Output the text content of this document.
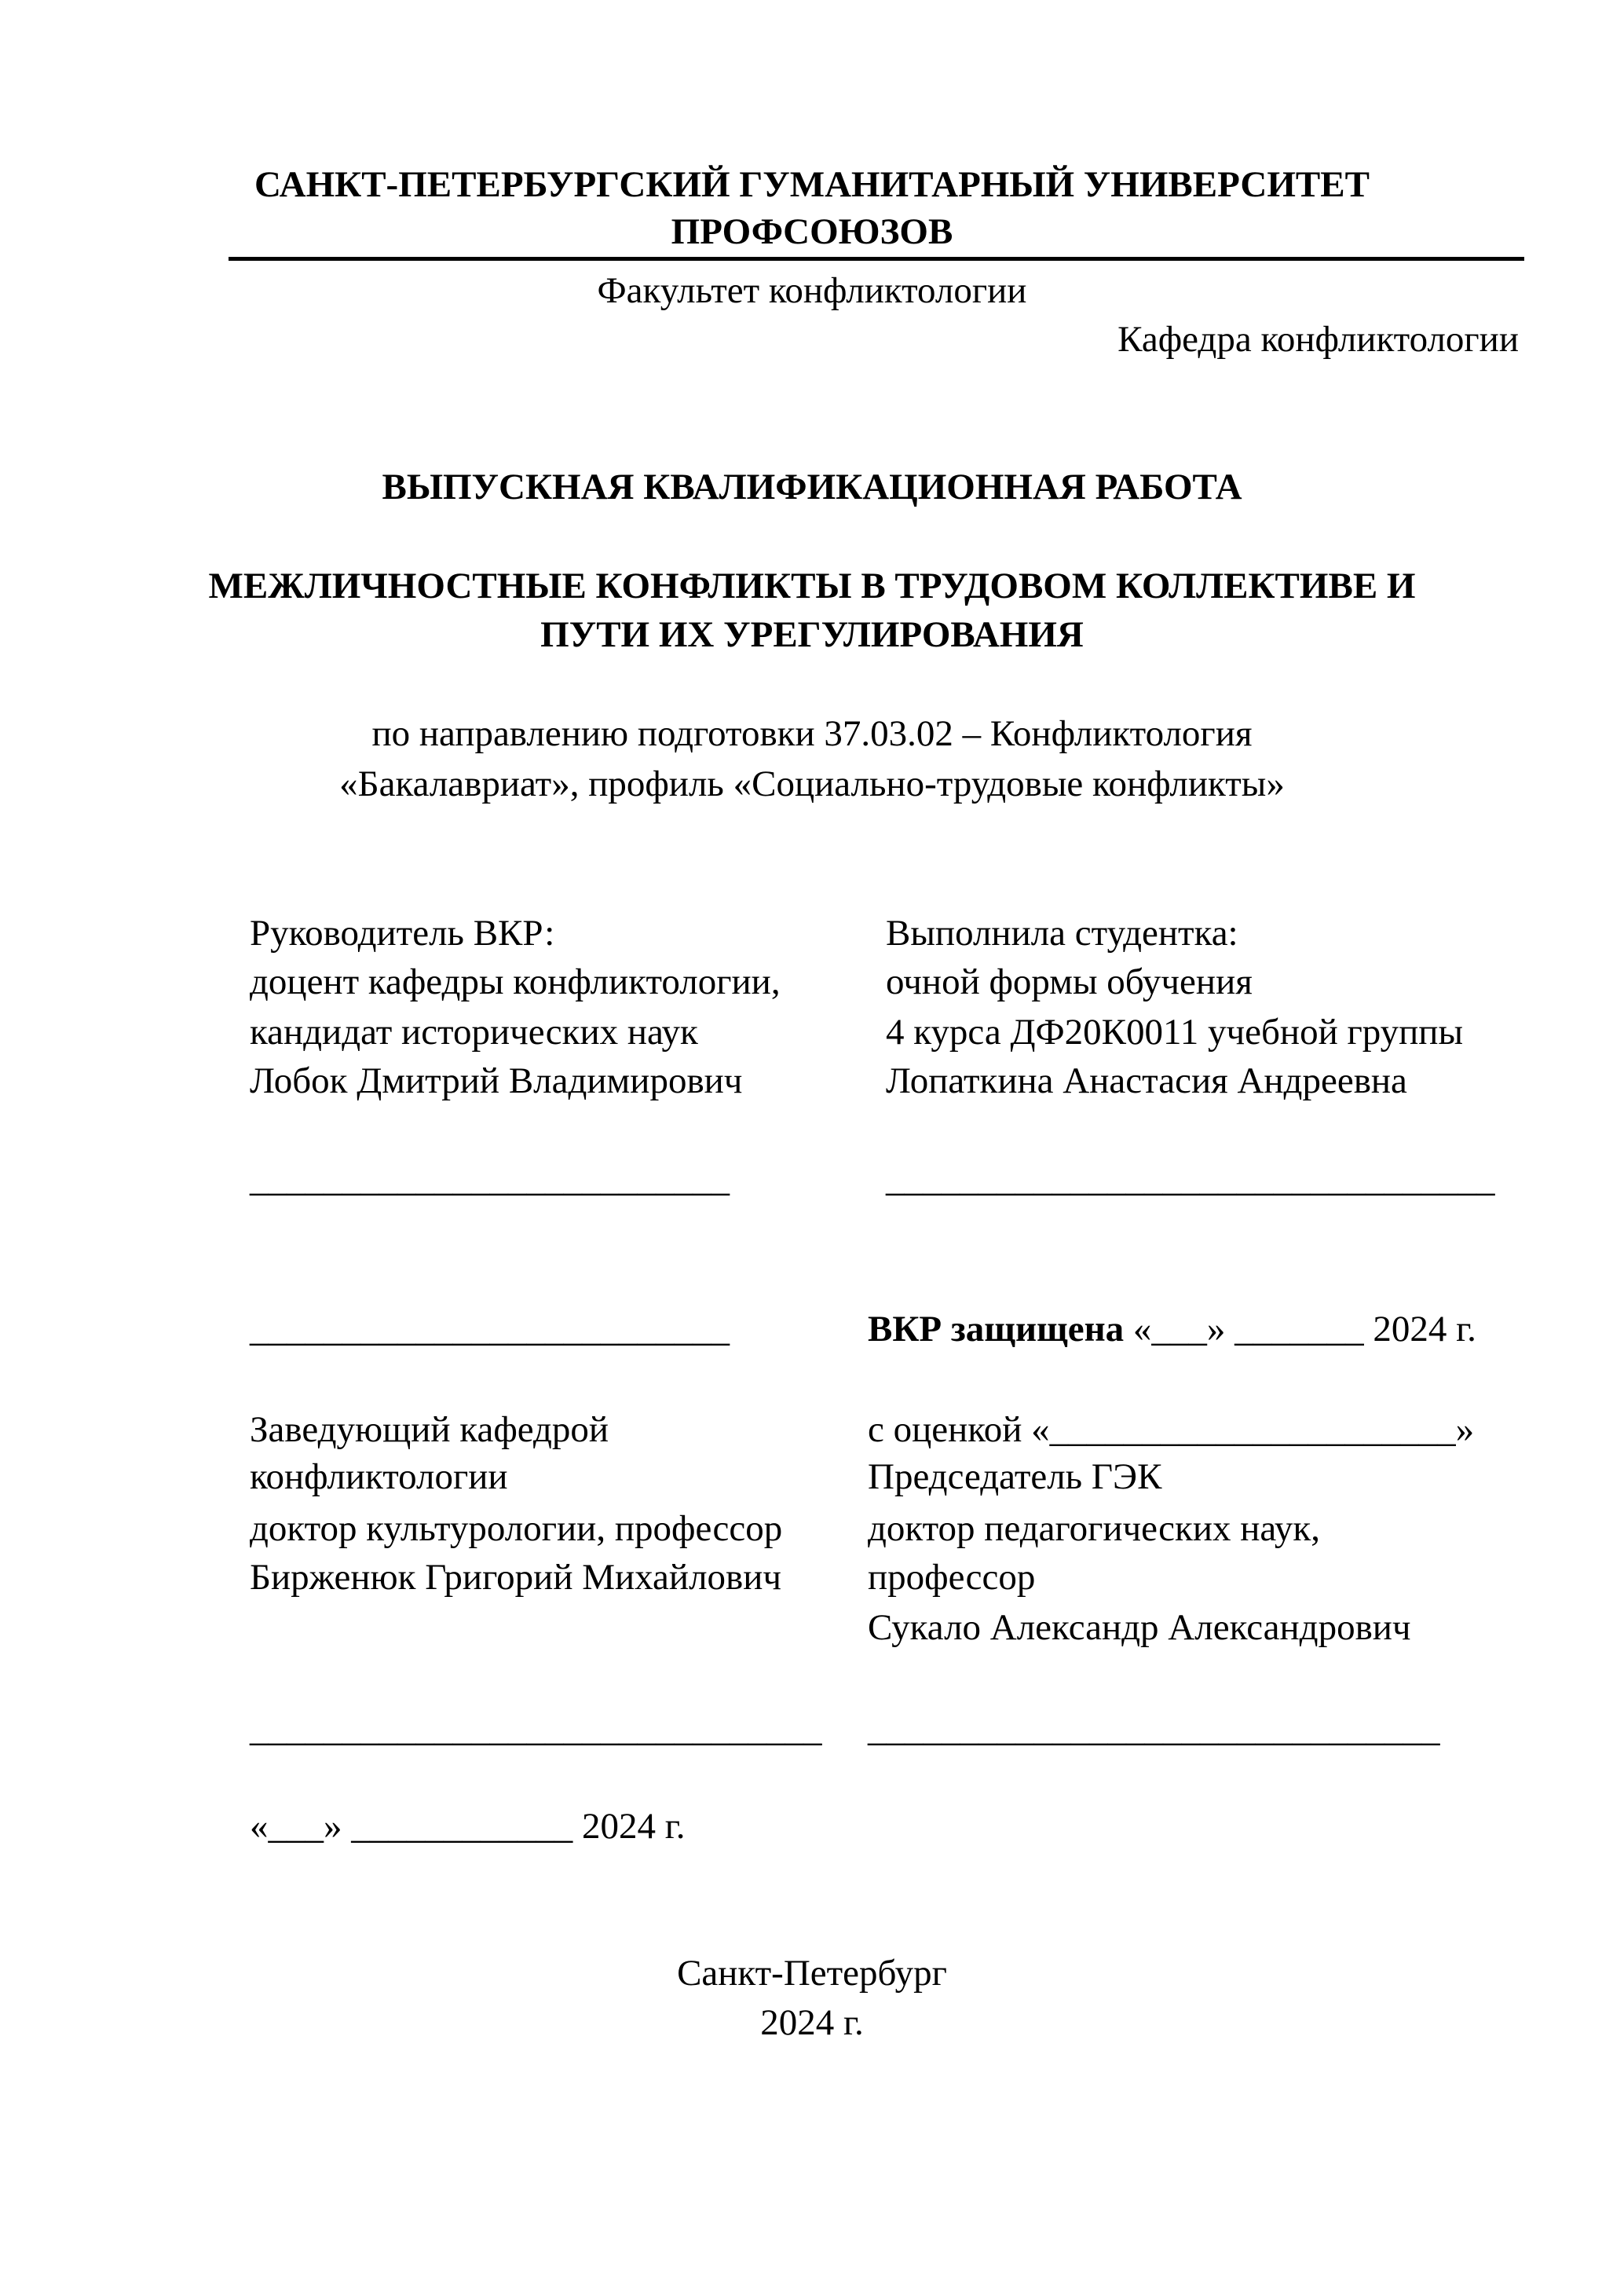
САНКТ-ПЕТЕРБУРГСКИЙ ГУМАНИТАРНЫЙ УНИВЕРСИТЕТ
ПРОФСОЮЗОВ
Факультет конфликтологии
Кафедра конфликтологии
ВЫПУСКНАЯ КВАЛИФИКАЦИОННАЯ РАБОТА
МЕЖЛИЧНОСТНЫЕ КОНФЛИКТЫ В ТРУДОВОМ КОЛЛЕКТИВЕ И
ПУТИ ИХ УРЕГУЛИРОВАНИЯ
по направлению подготовки 37.03.02 – Конфликтология
«Бакалавриат», профиль «Социально-трудовые конфликты»
Руководитель ВКР:
доцент кафедры конфликтологии,
кандидат исторических наук
Лобок Дмитрий Владимирович
__________________________
Выполнила студентка:
очной формы обучения
4 курса ДФ20К0011 учебной группы
Лопаткина Анастасия Андреевна
_________________________________
__________________________	ВКР защищена «___» _______ 2024 г.
Заведующий кафедрой
конфликтологии
доктор культурологии, профессор
Бирженюк Григорий Михайлович
_______________________________
«___» ____________ 2024 г.
с оценкой «______________________»
Председатель ГЭК
доктор педагогических наук,
профессор
Сукало Александр Александрович
_______________________________
Санкт-Петербург
2024 г.
